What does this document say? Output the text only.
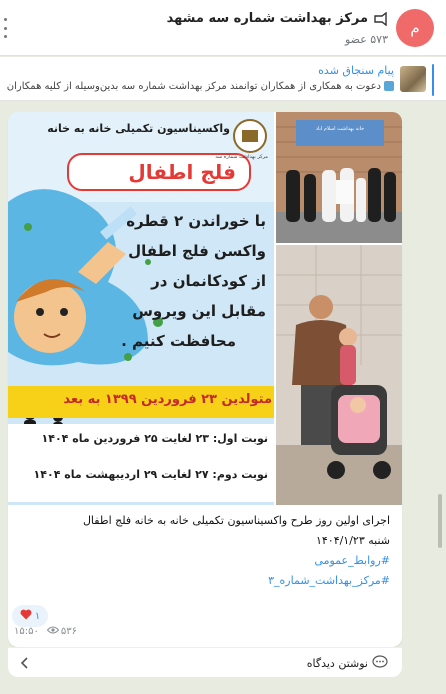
م
مرکز بهداشت شماره سه مشهد
۵۷۳ عضو
پیام سنجاق شده
دعوت به همکاری از همکاران توانمند مرکز بهداشت شماره سه بدین‌وسیله از کلیه همکاران
واکسیناسیون تکمیلی خانه به خانه
مرکز بهداشت شماره سه
فلج اطفال
با خوراندن ۲ قطره
واکسن فلج اطفال
از کودکانمان در
مقابل این ویروس
محافظت کنیم .
متولدین ۲۳ فروردین ۱۳۹۹ به بعد
نوبت اول: ۲۳ لغایت ۲۵ فروردین ماه ۱۴۰۴
نوبت دوم: ۲۷ لغایت ۲۹ اردیبهشت ماه ۱۴۰۴
خانه بهداشت اسلام آباد
اجرای اولین روز طرح واکسیناسیون تکمیلی خانه به خانه فلج اطفال
شنبه ۱۴۰۴/۱/۲۳
#روابط_عمومی
#مرکز_بهداشت_شماره_۳
۱
۱۵:۵۰ ۵۳۶
نوشتن دیدگاه
